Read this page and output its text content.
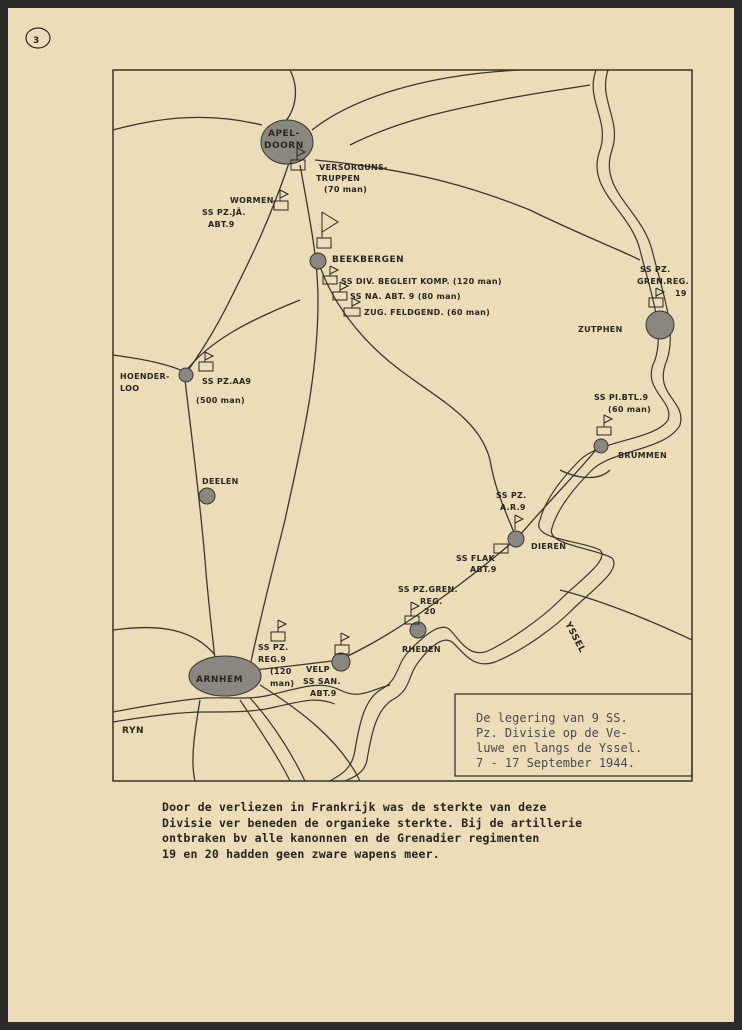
3
APEL-DOORN
BEEKBERGEN
HOENDER-LOO
DEELEN
ZUTPHEN
BRUMMEN
DIEREN
RHEDEN
VELP
ARNHEM
RYN
YSSEL
VERSORGUNS-TRUPPEN (70 man)
WORMEN SS PZ.JÄ. ABT.9
SS DIV. BEGLEIT KOMP. (120 man)
SS NA. ABT. 9 (80 man)
ZUG. FELDGEND. (60 man)
SS PZ.AA9 (500 man)
SS PZ. GREN.REG. 19
SS PI.BTL.9 (60 man)
SS PZ. A.R.9
SS FLAK ABT.9
SS PZ.GREN. REG. 20
SS PZ. REG.9 (120 man) SS SAN. ABT.9
De legering van 9 SS.
Pz. Divisie op de Ve-
luwe en langs de Yssel.
7 - 17 September 1944.
Door de verliezen in Frankrijk was de sterkte van deze
Divisie ver beneden de organieke sterkte. Bij de artillerie
ontbraken bv alle kanonnen en de Grenadier regimenten
19 en 20 hadden geen zware wapens meer.
